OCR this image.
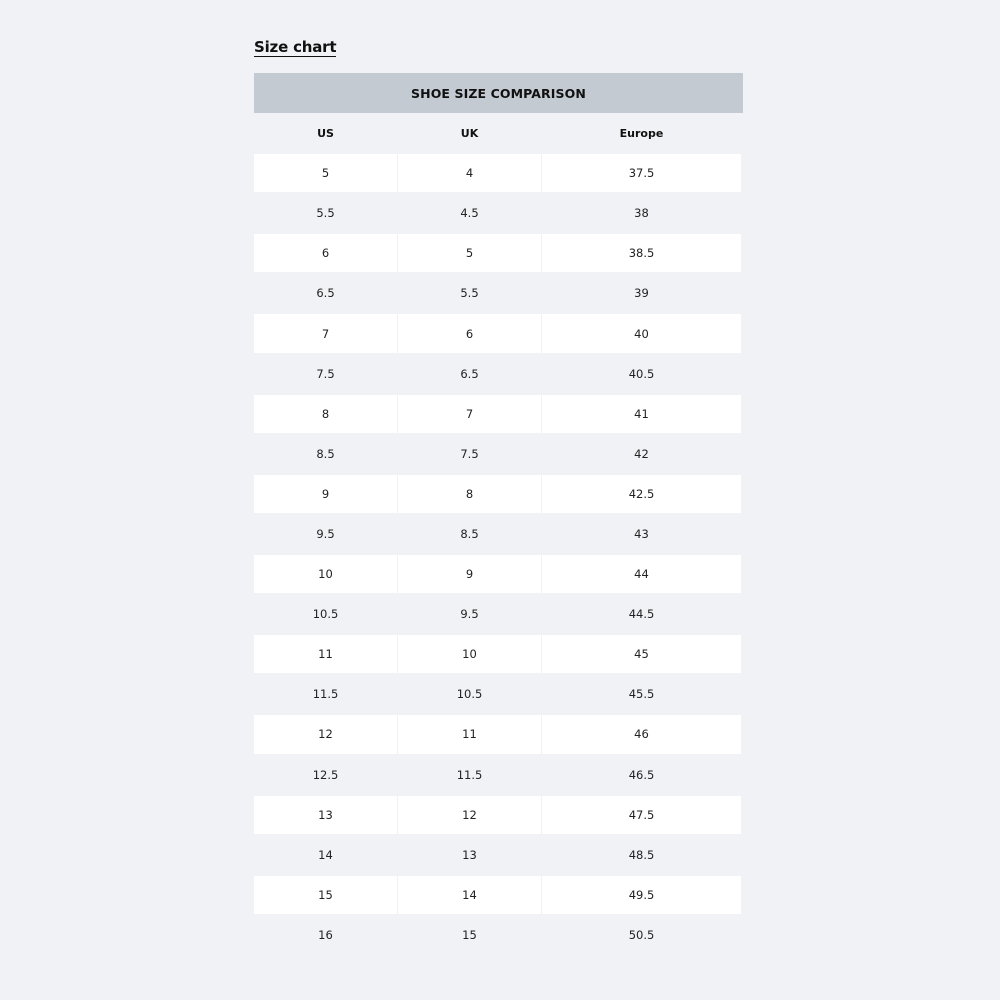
Size chart
SHOE SIZE COMPARISON
US	UK	Europe
5	4	37.5
5.5	4.5	38
6	5	38.5
6.5	5.5	39
7	6	40
7.5	6.5	40.5
8	7	41
8.5	7.5	42
9	8	42.5
9.5	8.5	43
10	9	44
10.5	9.5	44.5
11	10	45
11.5	10.5	45.5
12	11	46
12.5	11.5	46.5
13	12	47.5
14	13	48.5
15	14	49.5
16	15	50.5
